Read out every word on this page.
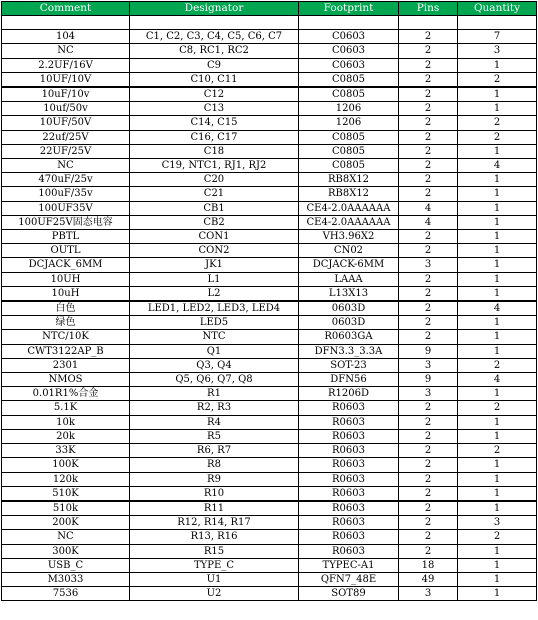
Comment	Designator	Footprint	Pins	Quantity

104	C1, C2, C3, C4, C5, C6, C7	C0603	2	7
NC	C8, RC1, RC2	C0603	2	3
2.2UF/16V	C9	C0603	2	1
10UF/10V	C10, C11	C0805	2	2
10uF/10v	C12	C0805	2	1
10uf/50v	C13	1206	2	1
10UF/50V	C14, C15	1206	2	2
22uf/25V	C16, C17	C0805	2	2
22UF/25V	C18	C0805	2	1
NC	C19, NTC1, RJ1, RJ2	C0805	2	4
470uF/25v	C20	RB8X12	2	1
100uF/35v	C21	RB8X12	2	1
100UF35V	CB1	CE4-2.0AAAAAA	4	1
100UF25V固态电容	CB2	CE4-2.0AAAAAA	4	1
PBTL	CON1	VH3.96X2	2	1
OUTL	CON2	CN02	2	1
DCJACK_6MM	JK1	DCJACK-6MM	3	1
10UH	L1	LAAA	2	1
10uH	L2	L13X13	2	1
白色	LED1, LED2, LED3, LED4	0603D	2	4
绿色	LED5	0603D	2	1
NTC/10K	NTC	R0603GA	2	1
CWT3122AP_B	Q1	DFN3.3_3.3A	9	1
2301	Q3, Q4	SOT-23	3	2
NMOS	Q5, Q6, Q7, Q8	DFN56	9	4
0.01R1%合金	R1	R1206D	3	1
5.1K	R2, R3	R0603	2	2
10k	R4	R0603	2	1
20k	R5	R0603	2	1
33K	R6, R7	R0603	2	2
100K	R8	R0603	2	1
120k	R9	R0603	2	1
510K	R10	R0603	2	1
510k	R11	R0603	2	1
200K	R12, R14, R17	R0603	2	3
NC	R13, R16	R0603	2	2
300K	R15	R0603	2	1
USB_C	TYPE_C	TYPEC-A1	18	1
M3033	U1	QFN7_48E	49	1
7536	U2	SOT89	3	1
